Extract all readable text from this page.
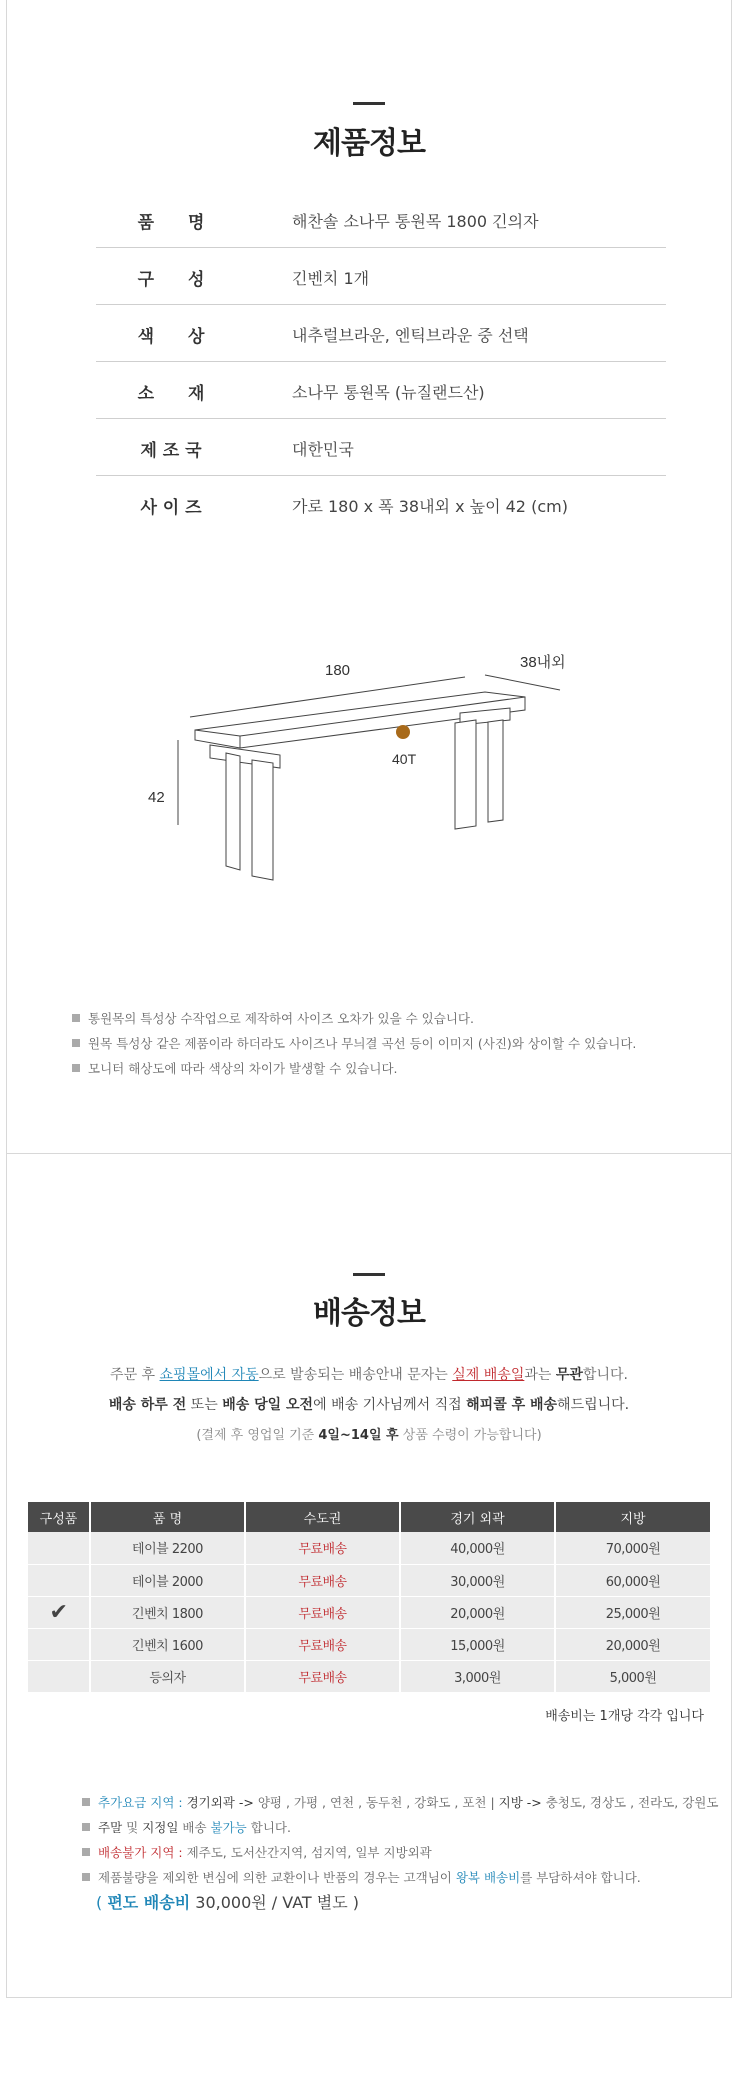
제품정보
품　　명	해찬솔 소나무 통원목 1800 긴의자
구　　성	긴벤치 1개
색　　상	내추럴브라운, 엔틱브라운 중 선택
소　　재	소나무 통원목 (뉴질랜드산)
제 조 국	대한민국
사 이 즈	가로 180 x 폭 38내외 x 높이 42 (cm)
180	38내외
42
40T
통원목의 특성상 수작업으로 제작하여 사이즈 오차가 있을 수 있습니다.
원목 특성상 같은 제품이라 하더라도 사이즈나 무늬결 곡선 등이 이미지 (사진)와 상이할 수 있습니다.
모니터 해상도에 따라 색상의 차이가 발생할 수 있습니다.
배송정보
주문 후 쇼핑몰에서 자동으로 발송되는 배송안내 문자는 실제 배송일과는 무관합니다.
배송 하루 전 또는 배송 당일 오전에 배송 기사님께서 직접 해피콜 후 배송해드립니다.
(결제 후 영업일 기준 4일~14일 후 상품 수령이 가능합니다)
구성품	품 명	수도권	경기 외곽	지방
	테이블 2200	무료배송	40,000원	70,000원
	테이블 2000	무료배송	30,000원	60,000원
✔	긴벤치 1800	무료배송	20,000원	25,000원
	긴벤치 1600	무료배송	15,000원	20,000원
	등의자	무료배송	3,000원	5,000원
배송비는 1개당 각각 입니다
추가요금 지역 : 경기외곽 -> 양평 , 가평 , 연천 , 동두천 , 강화도 , 포천 | 지방 -> 충청도, 경상도 , 전라도, 강원도
주말 및 지정일 배송 불가능 합니다.
배송불가 지역 : 제주도, 도서산간지역, 섬지역, 일부 지방외곽
제품불량을 제외한 변심에 의한 교환이나 반품의 경우는 고객님이 왕복 배송비를 부담하셔야 합니다.
( 편도 배송비 30,000원 / VAT 별도 )
